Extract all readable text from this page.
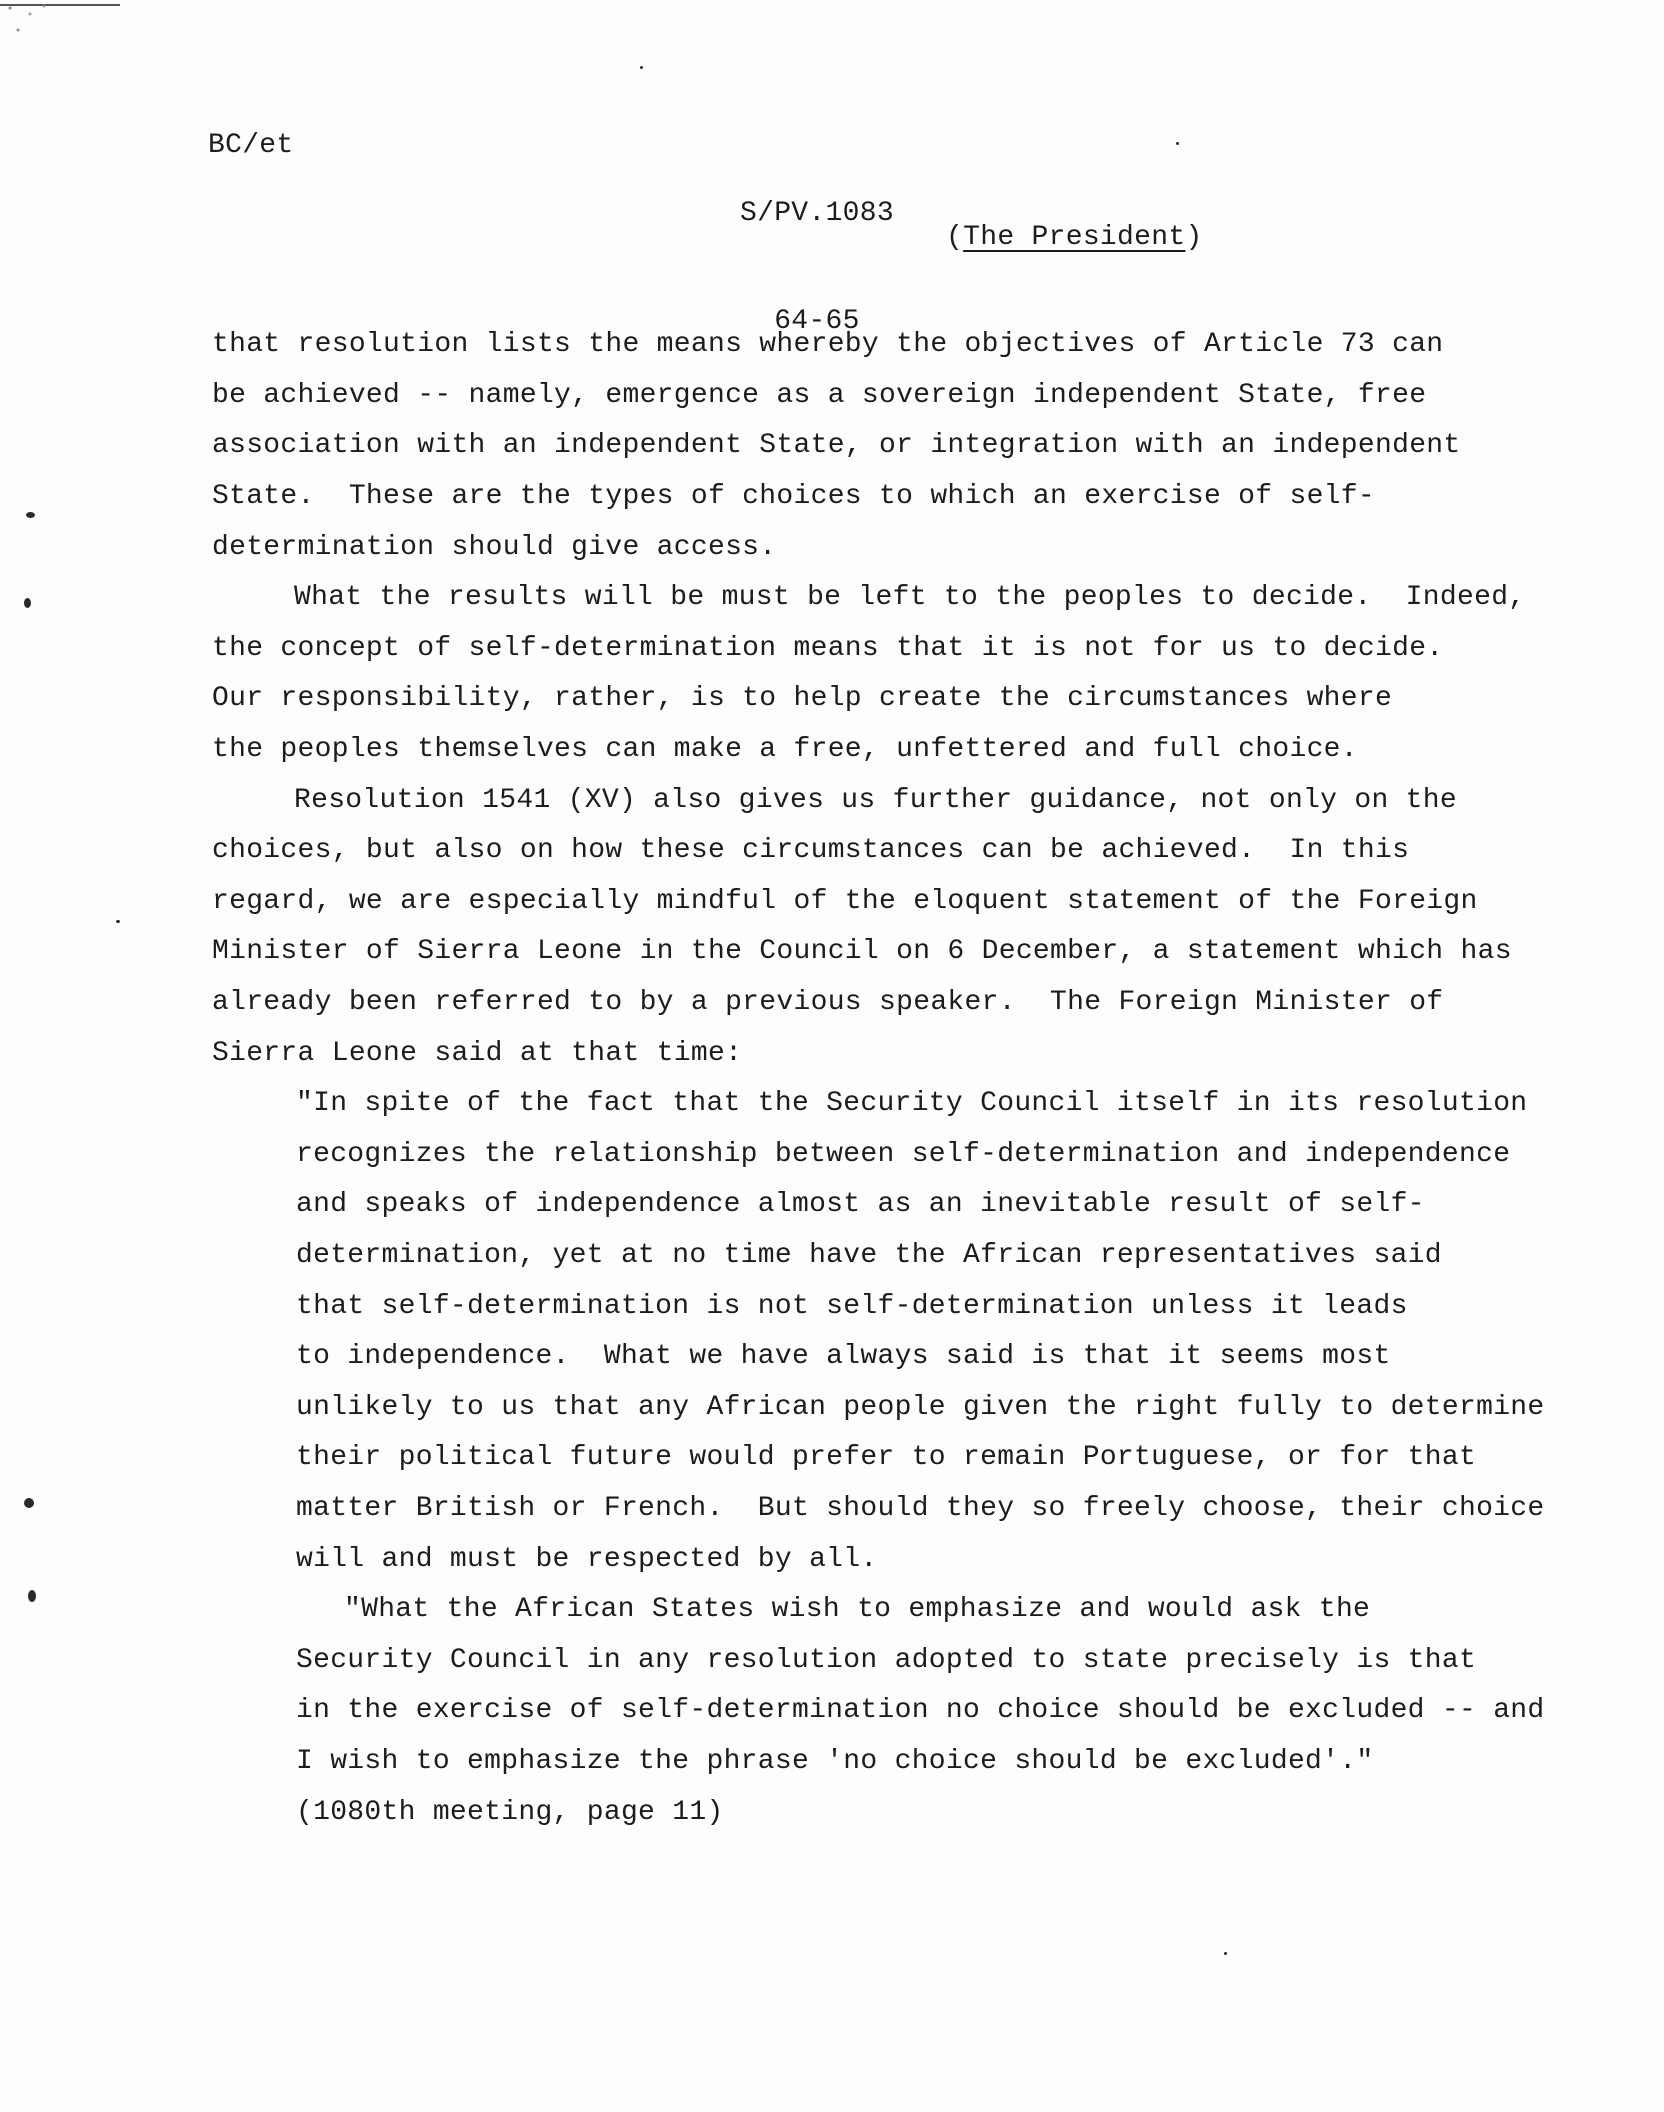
BC/et

S/PV.1083

64-65

(The President)
that resolution lists the means whereby the objectives of Article 73 can
be achieved -- namely, emergence as a sovereign independent State, free
association with an independent State, or integration with an independent
State.  These are the types of choices to which an exercise of self-
determination should give access.
What the results will be must be left to the peoples to decide.  Indeed,
the concept of self-determination means that it is not for us to decide.
Our responsibility, rather, is to help create the circumstances where
the peoples themselves can make a free, unfettered and full choice.
Resolution 1541 (XV) also gives us further guidance, not only on the
choices, but also on how these circumstances can be achieved.  In this
regard, we are especially mindful of the eloquent statement of the Foreign
Minister of Sierra Leone in the Council on 6 December, a statement which has
already been referred to by a previous speaker.  The Foreign Minister of
Sierra Leone said at that time:
"In spite of the fact that the Security Council itself in its resolution
recognizes the relationship between self-determination and independence
and speaks of independence almost as an inevitable result of self-
determination, yet at no time have the African representatives said
that self-determination is not self-determination unless it leads
to independence.  What we have always said is that it seems most
unlikely to us that any African people given the right fully to determine
their political future would prefer to remain Portuguese, or for that
matter British or French.  But should they so freely choose, their choice
will and must be respected by all.
"What the African States wish to emphasize and would ask the
Security Council in any resolution adopted to state precisely is that
in the exercise of self-determination no choice should be excluded -- and
I wish to emphasize the phrase 'no choice should be excluded'."
(1080th meeting, page 11)
